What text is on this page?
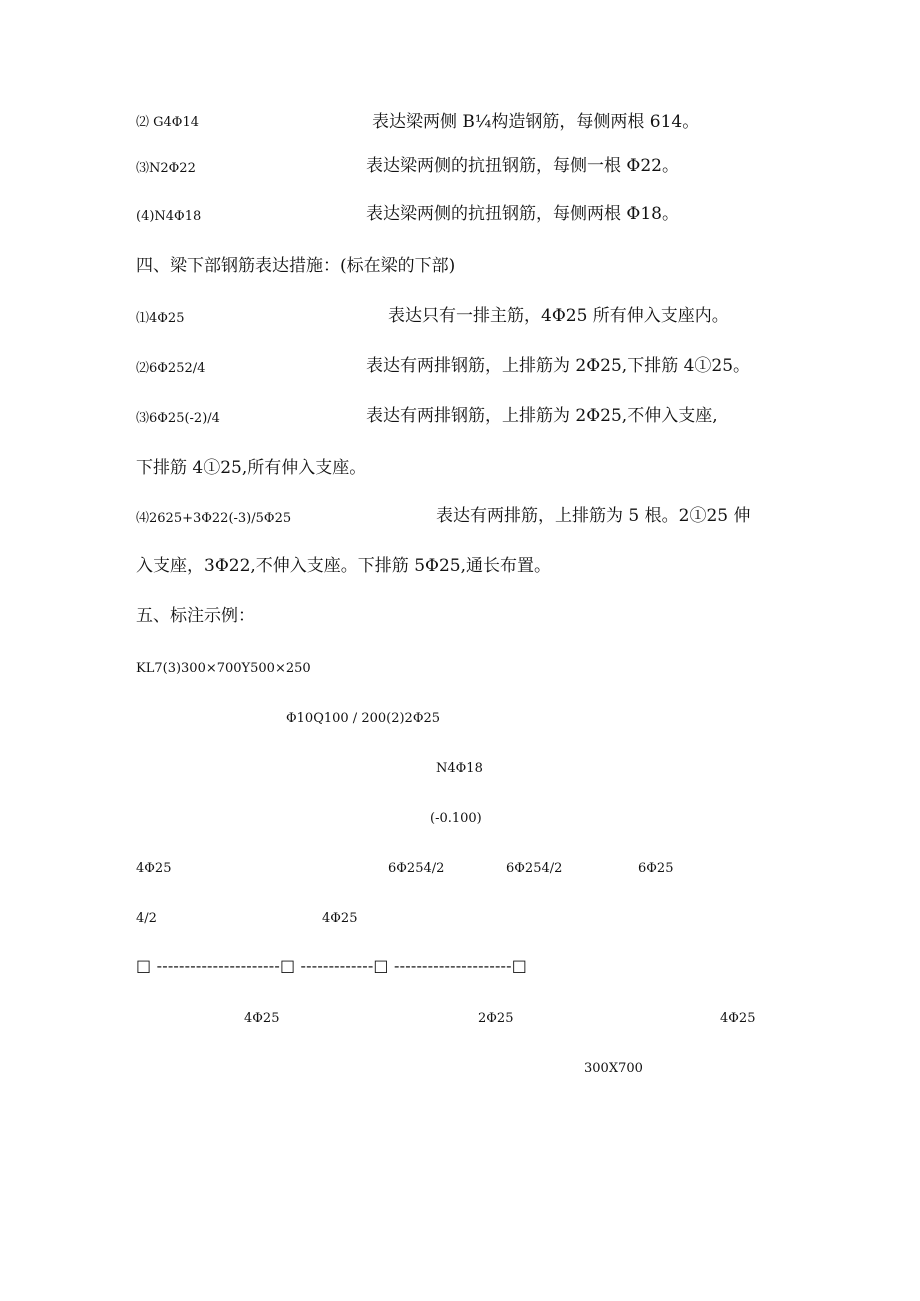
⑵ G4Φ14	表达梁两侧 B¼构造钢筋，每侧两根 614。
⑶N2Φ22	表达梁两侧的抗扭钢筋，每侧一根 Φ22。
(4)N4Φ18	表达梁两侧的抗扭钢筋，每侧两根 Φ18。
四、梁下部钢筋表达措施：(标在梁的下部)
⑴4Φ25	表达只有一排主筋，4Φ25 所有伸入支座内。
⑵6Φ252/4	表达有两排钢筋，上排筋为 2Φ25,下排筋 4①25。
⑶6Φ25(-2)/4	表达有两排钢筋，上排筋为 2Φ25,不伸入支座,
下排筋 4①25,所有伸入支座。
⑷2625+3Φ22(-3)/5Φ25	表达有两排筋，上排筋为 5 根。2①25 伸
入支座，3Φ22,不伸入支座。下排筋 5Φ25,通长布置。
五、标注示例：
KL7(3)300×700Y500×250
Φ10Q100 / 200(2)2Φ25
N4Φ18
(-0.100)
4Φ25	6Φ254/2	6Φ254/2	6Φ25
4/2	4Φ25
□ ----------------------□ -------------□ ---------------------□
4Φ25	2Φ25	4Φ25
300X700
